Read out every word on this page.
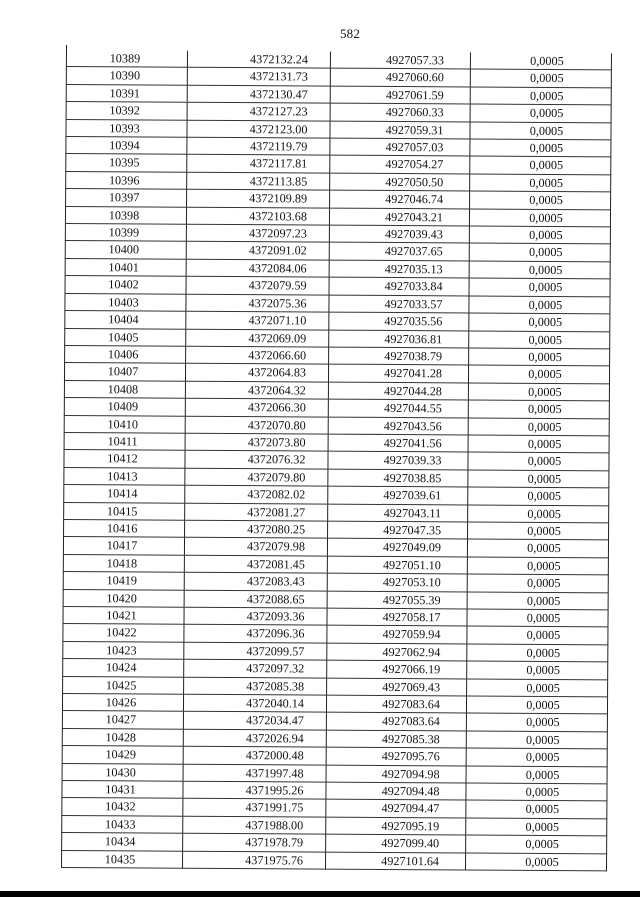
582
10389	4372132.24	4927057.33	0,0005
10390	4372131.73	4927060.60	0,0005
10391	4372130.47	4927061.59	0,0005
10392	4372127.23	4927060.33	0,0005
10393	4372123.00	4927059.31	0,0005
10394	4372119.79	4927057.03	0,0005
10395	4372117.81	4927054.27	0,0005
10396	4372113.85	4927050.50	0,0005
10397	4372109.89	4927046.74	0,0005
10398	4372103.68	4927043.21	0,0005
10399	4372097.23	4927039.43	0,0005
10400	4372091.02	4927037.65	0,0005
10401	4372084.06	4927035.13	0,0005
10402	4372079.59	4927033.84	0,0005
10403	4372075.36	4927033.57	0,0005
10404	4372071.10	4927035.56	0,0005
10405	4372069.09	4927036.81	0,0005
10406	4372066.60	4927038.79	0,0005
10407	4372064.83	4927041.28	0,0005
10408	4372064.32	4927044.28	0,0005
10409	4372066.30	4927044.55	0,0005
10410	4372070.80	4927043.56	0,0005
10411	4372073.80	4927041.56	0,0005
10412	4372076.32	4927039.33	0,0005
10413	4372079.80	4927038.85	0,0005
10414	4372082.02	4927039.61	0,0005
10415	4372081.27	4927043.11	0,0005
10416	4372080.25	4927047.35	0,0005
10417	4372079.98	4927049.09	0,0005
10418	4372081.45	4927051.10	0,0005
10419	4372083.43	4927053.10	0,0005
10420	4372088.65	4927055.39	0,0005
10421	4372093.36	4927058.17	0,0005
10422	4372096.36	4927059.94	0,0005
10423	4372099.57	4927062.94	0,0005
10424	4372097.32	4927066.19	0,0005
10425	4372085.38	4927069.43	0,0005
10426	4372040.14	4927083.64	0,0005
10427	4372034.47	4927083.64	0,0005
10428	4372026.94	4927085.38	0,0005
10429	4372000.48	4927095.76	0,0005
10430	4371997.48	4927094.98	0,0005
10431	4371995.26	4927094.48	0,0005
10432	4371991.75	4927094.47	0,0005
10433	4371988.00	4927095.19	0,0005
10434	4371978.79	4927099.40	0,0005
10435	4371975.76	4927101.64	0,0005
